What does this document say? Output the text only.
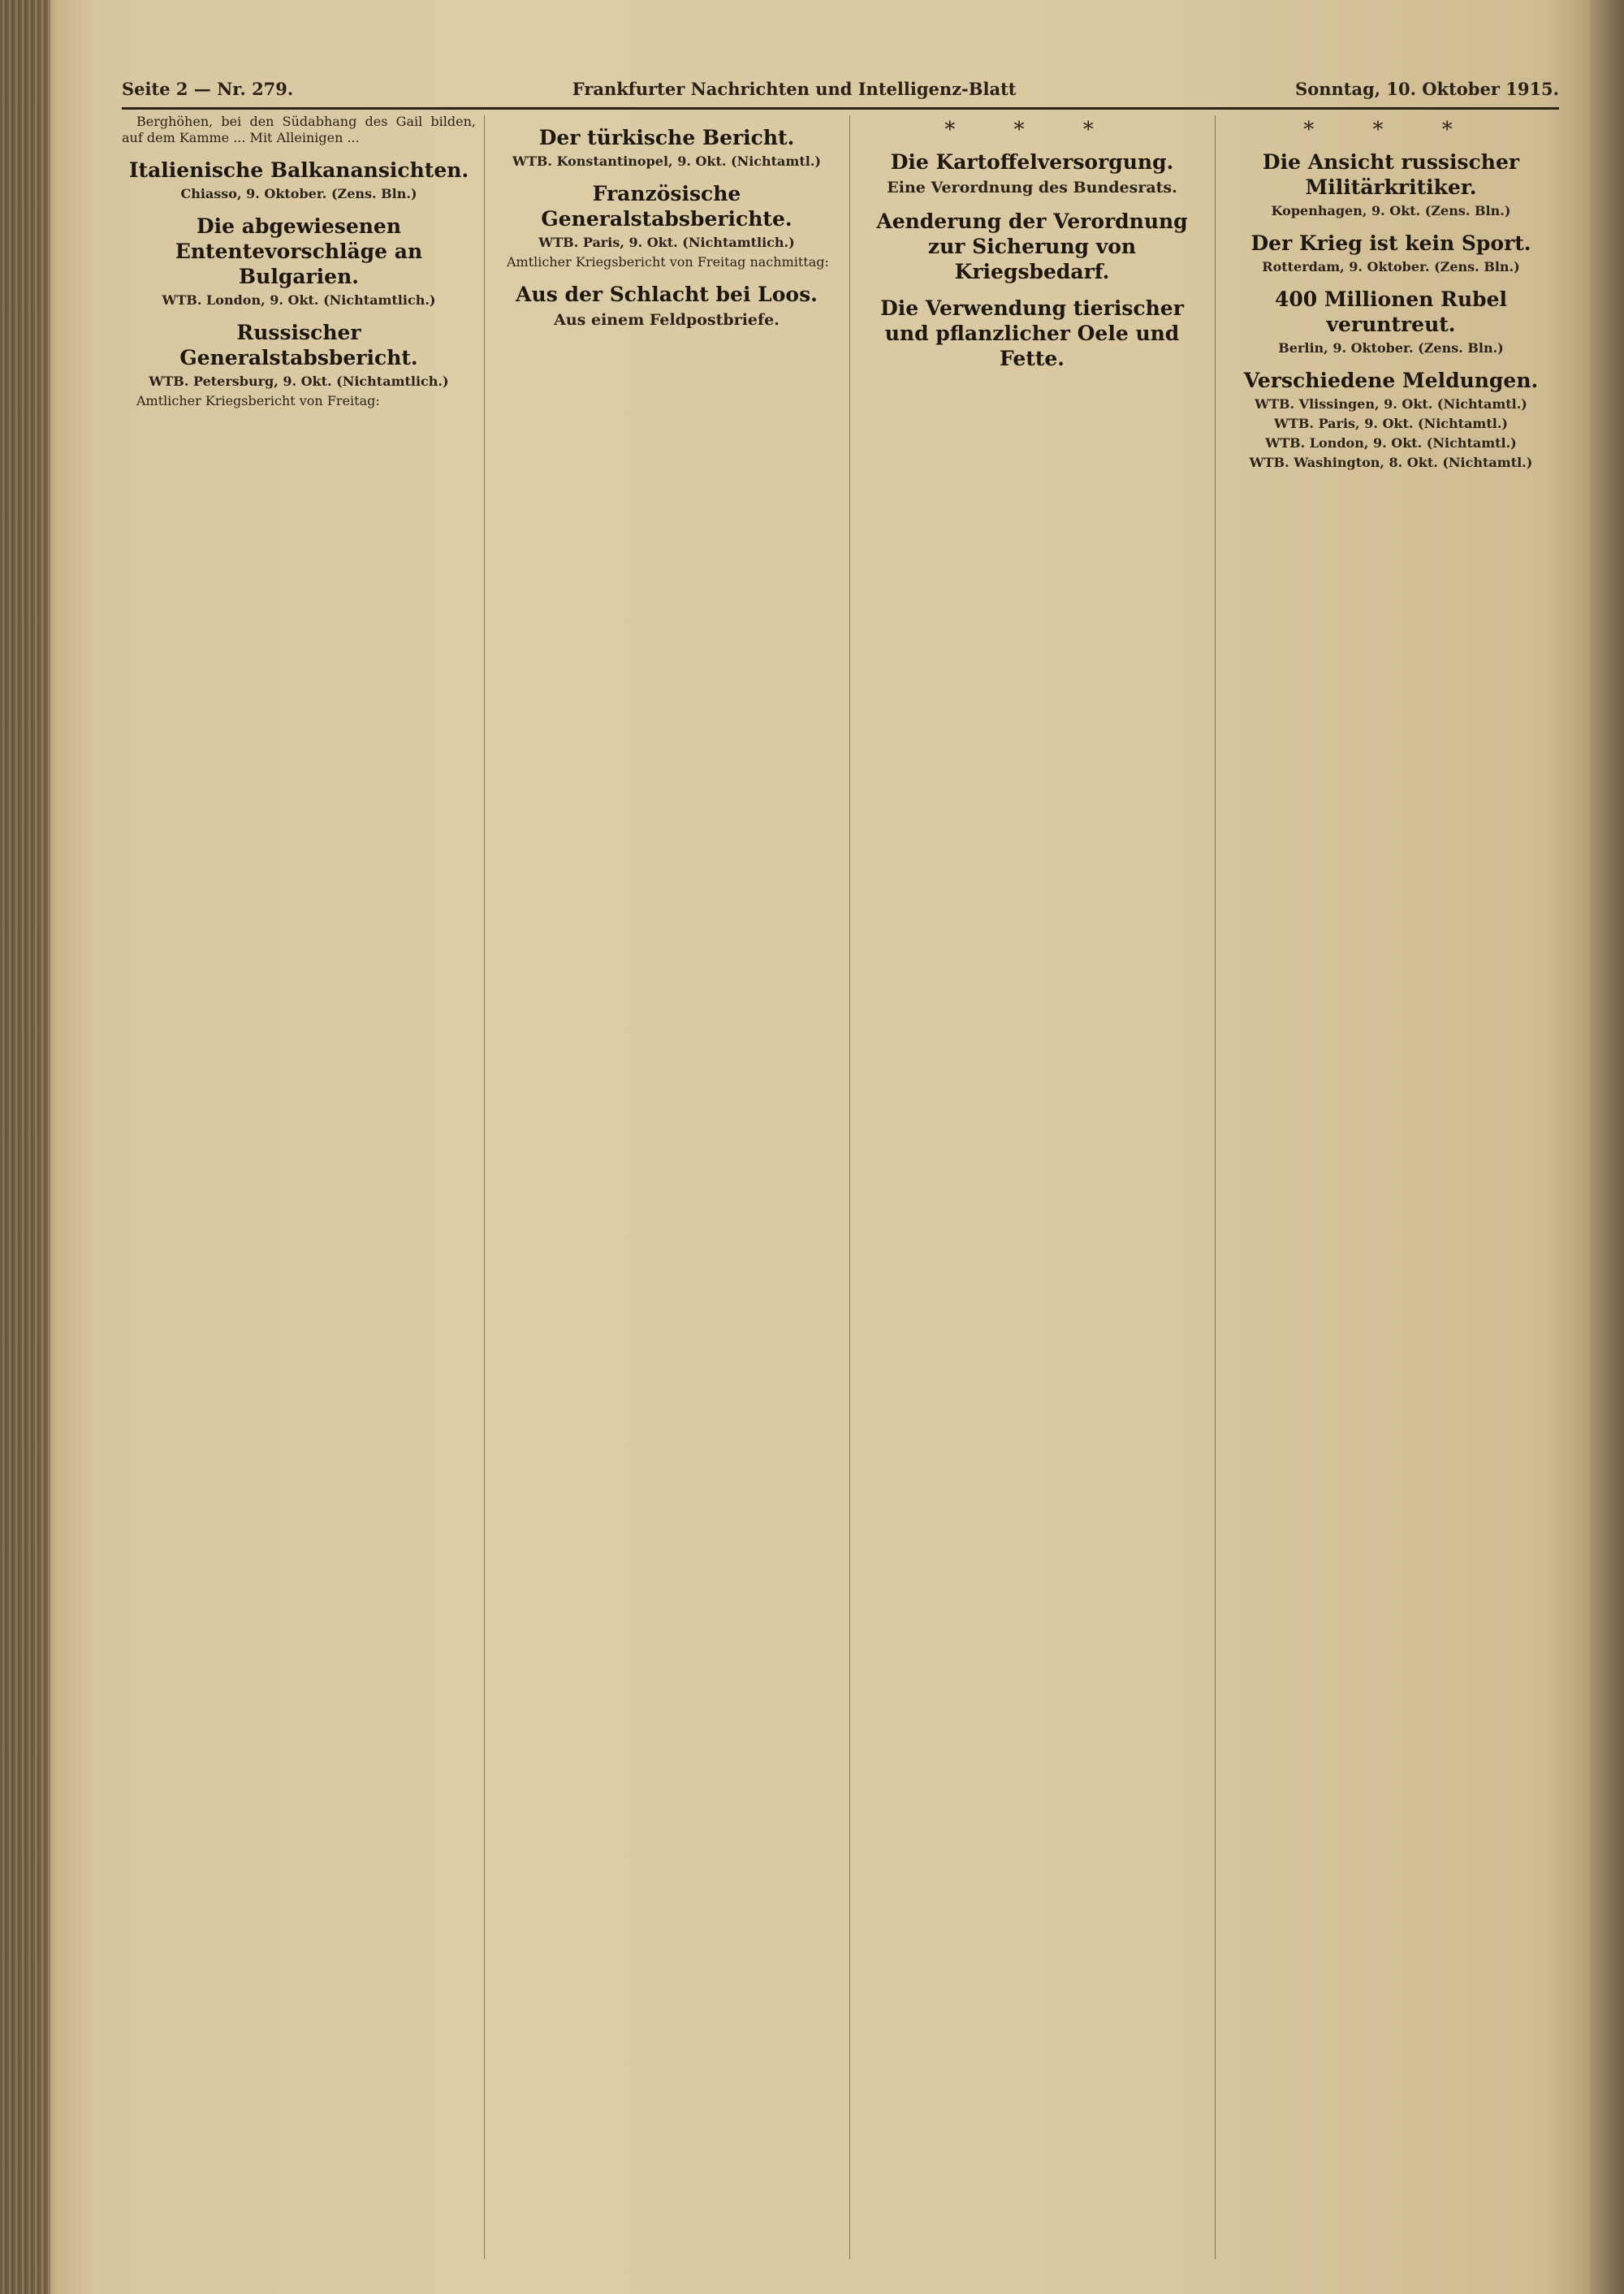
Seite 2 — Nr. 279.	Frankfurter Nachrichten und Intelligenz-Blatt	Sonntag, 10. Oktober 1915.

Berghöhen, bei den Südabhang des Gail bilden, auf dem Kamme ... Mit Alleinigen ...

Italienische Balkanansichten.
Chiasso, 9. Oktober. (Zens. Bln.)

Die abgewiesenen Ententevorschläge an Bulgarien.
WTB. London, 9. Okt. (Nichtamtlich.)

Russischer Generalstabsbericht.
WTB. Petersburg, 9. Okt. (Nichtamtlich.)

Amtlicher Kriegsbericht von Freitag:

Der türkische Bericht.
WTB. Konstantinopel, 9. Okt. (Nichtamtl.)

Französische Generalstabsberichte.
WTB. Paris, 9. Okt. (Nichtamtlich.)

Amtlicher Kriegsbericht von Freitag nachmittag:

Aus der Schlacht bei Loos.
Aus einem Feldpostbriefe.

* * *
Die Kartoffelversorgung.
Eine Verordnung des Bundesrats.

Aenderung der Verordnung zur Sicherung von Kriegsbedarf.

Die Verwendung tierischer und pflanzlicher Oele und Fette.

* * *
Die Ansicht russischer Militärkritiker.
Kopenhagen, 9. Okt. (Zens. Bln.)

Der Krieg ist kein Sport.
Rotterdam, 9. Oktober. (Zens. Bln.)

400 Millionen Rubel veruntreut.
Berlin, 9. Oktober. (Zens. Bln.)

Verschiedene Meldungen.

WTB. Vlissingen, 9. Okt. (Nichtamtl.)

WTB. Paris, 9. Okt. (Nichtamtl.)

WTB. London, 9. Okt. (Nichtamtl.)

WTB. Washington, 8. Okt. (Nichtamtl.)
